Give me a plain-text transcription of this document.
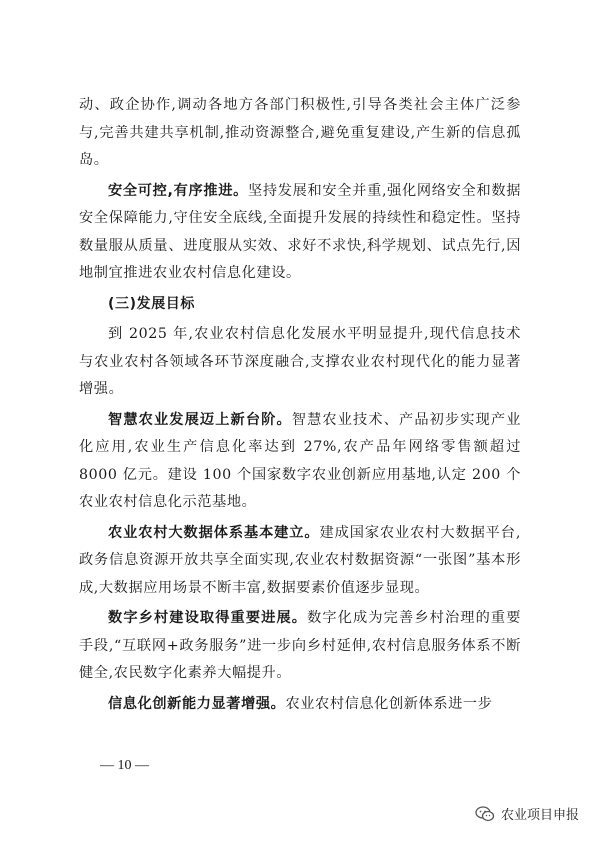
动、政企协作,调动各地方各部门积极性,引导各类社会主体广泛参与,完善共建共享机制,推动资源整合,避免重复建设,产生新的信息孤岛。

安全可控,有序推进。坚持发展和安全并重,强化网络安全和数据安全保障能力,守住安全底线,全面提升发展的持续性和稳定性。坚持数量服从质量、进度服从实效、求好不求快,科学规划、试点先行,因地制宜推进农业农村信息化建设。

(三)发展目标

到 2025 年,农业农村信息化发展水平明显提升,现代信息技术与农业农村各领域各环节深度融合,支撑农业农村现代化的能力显著增强。

智慧农业发展迈上新台阶。智慧农业技术、产品初步实现产业化应用,农业生产信息化率达到 27%,农产品年网络零售额超过 8000 亿元。建设 100 个国家数字农业创新应用基地,认定 200 个农业农村信息化示范基地。

农业农村大数据体系基本建立。建成国家农业农村大数据平台,政务信息资源开放共享全面实现,农业农村数据资源“一张图”基本形成,大数据应用场景不断丰富,数据要素价值逐步显现。

数字乡村建设取得重要进展。数字化成为完善乡村治理的重要手段,“互联网+政务服务”进一步向乡村延伸,农村信息服务体系不断健全,农民数字化素养大幅提升。

信息化创新能力显著增强。农业农村信息化创新体系进一步

— 10 —
农业项目申报
